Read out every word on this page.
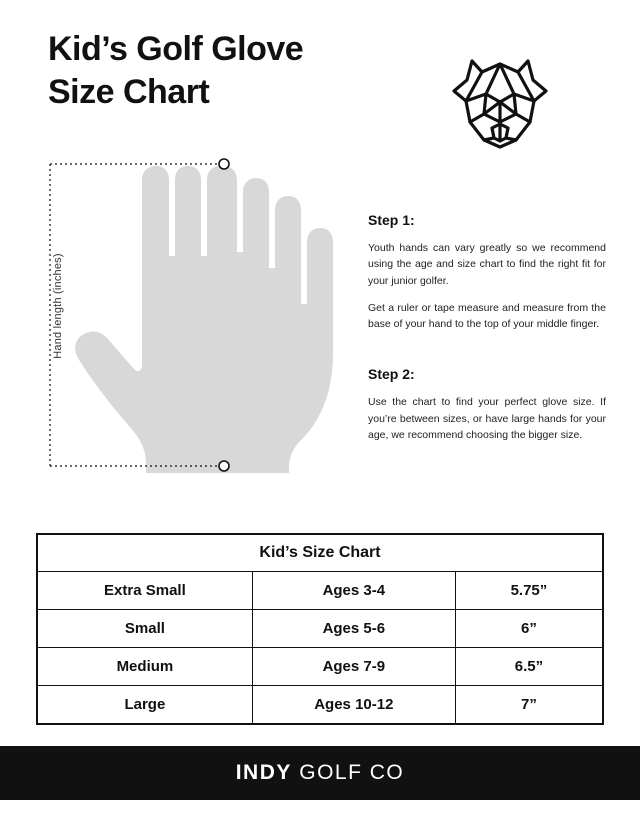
Kid’s Golf Glove
Size Chart
Hand length (inches)
Step 1:
Youth hands can vary greatly so we recommend using the age and size chart to find the right fit for your junior golfer.
Get a ruler or tape measure and measure from the base of your hand to the top of your middle finger.
Step 2:
Use the chart to find your perfect glove size. If you’re between sizes, or have large hands for your age, we recommend choosing the bigger size.
Kid’s Size Chart		
Extra Small	Ages 3-4	5.75”
Small	Ages 5-6	6”
Medium	Ages 7-9	6.5”
Large	Ages 10-12	7”
INDY GOLF CO
